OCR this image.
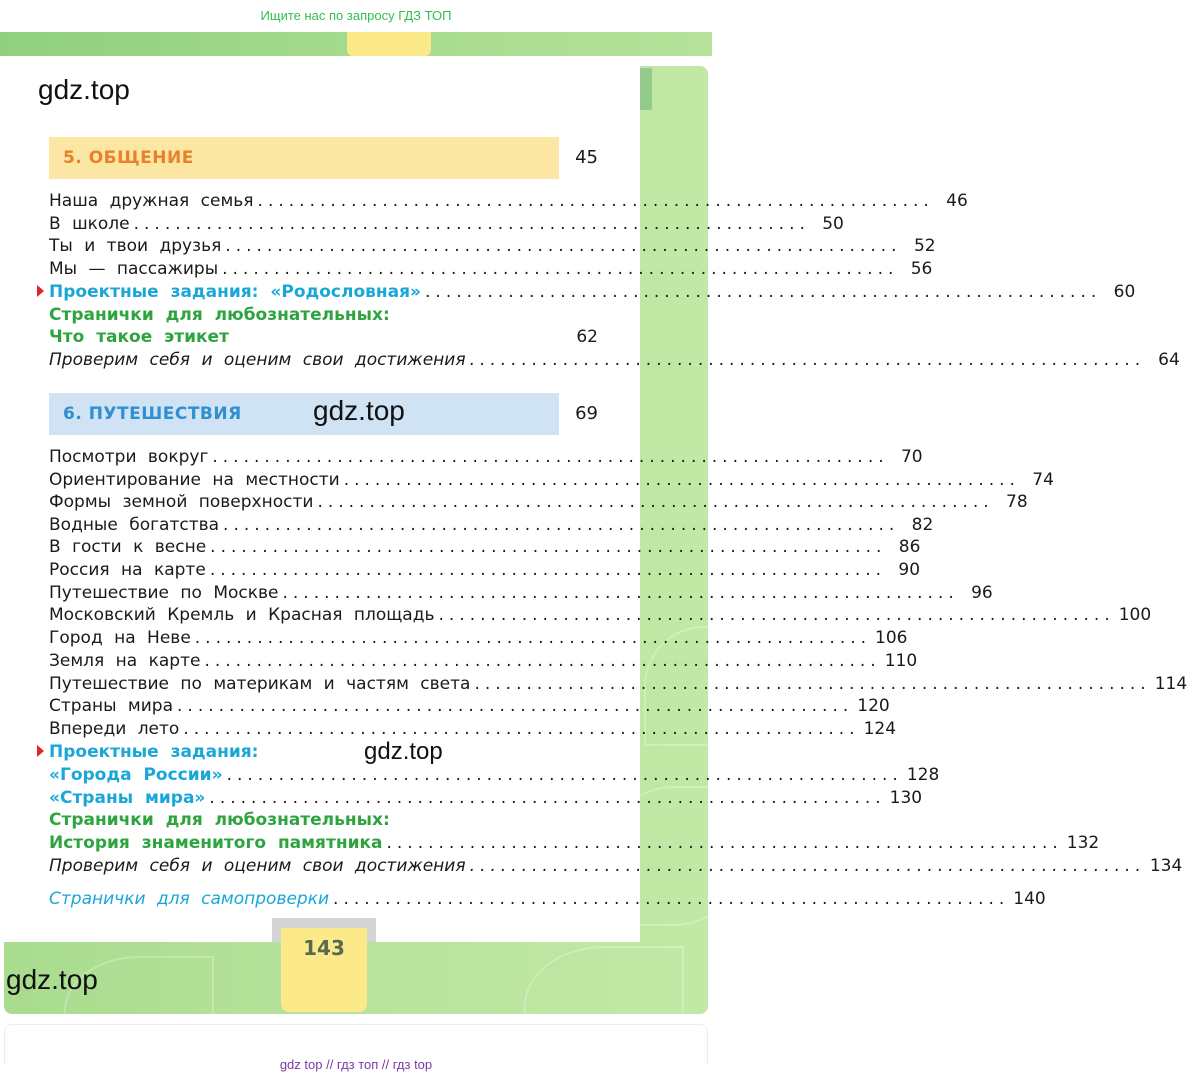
Ищите нас по запросу ГДЗ ТОП
gdz.top
5. ОБЩЕНИЕ	45
Наша дружная семья ................................................................. 46
В школе ................................................................. 50
Ты и твои друзья ................................................................. 52
Мы — пассажиры ................................................................. 56
Проектные задания: «Родословная» ................................................................. 60
Странички для любознательных:
Что такое этикет .	62
Проверим себя и оценим свои достижения ................................................................. 64
6. ПУТЕШЕСТВИЯ	69
gdz.top
Посмотри вокруг ................................................................. 70
Ориентирование на местности ................................................................. 74
Формы земной поверхности ................................................................. 78
Водные богатства ................................................................. 82
В гости к весне ................................................................. 86
Россия на карте ................................................................. 90
Путешествие по Москве ................................................................. 96
Московский Кремль и Красная площадь ................................................................. 100
Город на Неве ................................................................. 106
Земля на карте ................................................................. 110
Путешествие по материкам и частям света ................................................................. 114
Страны мира ................................................................. 120
Впереди лето ................................................................. 124
Проектные задания:	gdz.top
«Города России» ................................................................. 128
«Страны мира» ................................................................. 130
Странички для любознательных:
История знаменитого памятника ................................................................. 132
Проверим себя и оценим свои достижения ................................................................. 134
Странички для самопроверки ................................................................. 140
143
gdz.top
gdz top // гдз топ // гдз top
